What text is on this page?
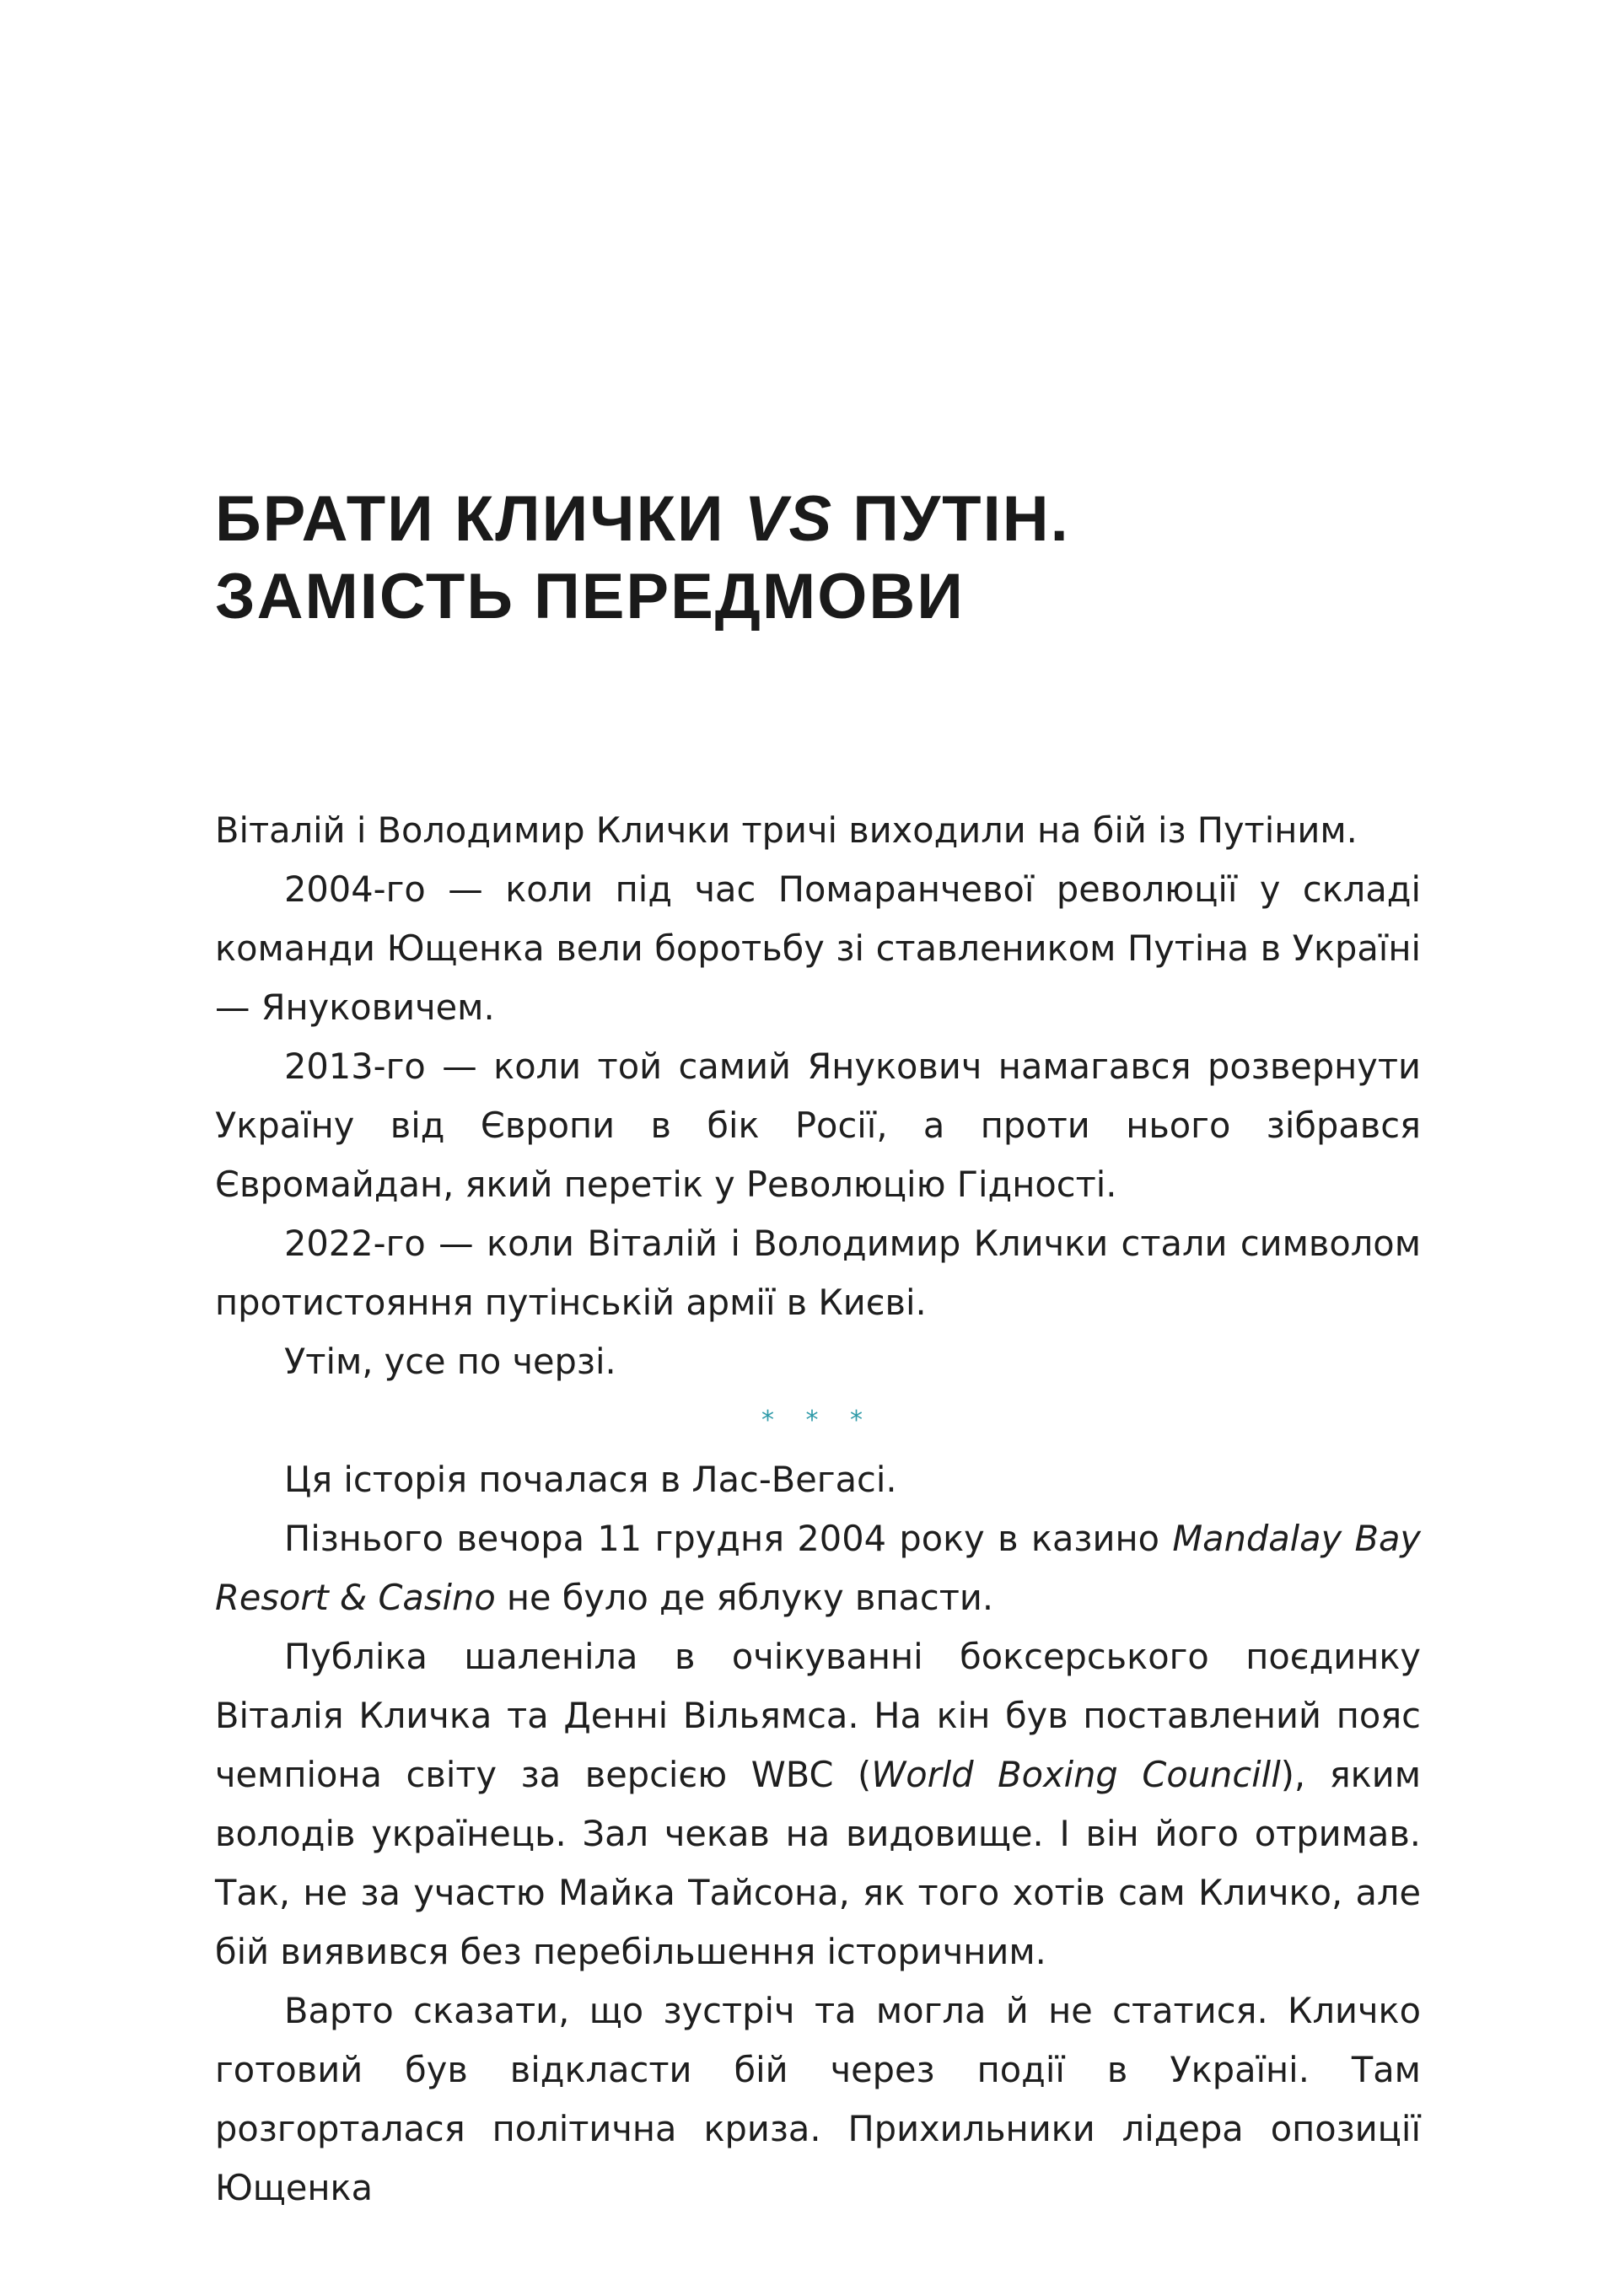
БРАТИ КЛИЧКИ VS ПУТІН.
ЗАМІСТЬ ПЕРЕДМОВИ

Віталій і Володимир Клички тричі виходили на бій із Путіним.

2004-го — коли під час Помаранчевої революції у складі команди Ющенка вели боротьбу зі ставлеником Путіна в Україні — Януковичем.

2013-го — коли той самий Янукович намагався розвернути Україну від Європи в бік Росії, а проти нього зібрався Євромайдан, який перетік у Революцію Гідності.

2022-го — коли Віталій і Володимир Клички стали символом протистояння путінській армії в Києві.

Утім, усе по черзі.

* * *

Ця історія почалася в Лас-Вегасі.

Пізнього вечора 11 грудня 2004 року в казино Mandalay Bay Resort & Casino не було де яблуку впасти.

Публіка шаленіла в очікуванні боксерського поєдинку Віталія Кличка та Денні Вільямса. На кін був поставлений пояс чемпіона світу за версією WBC (World Boxing Councill), яким володів українець. Зал чекав на видовище. І він його отримав. Так, не за участю Майка Тайсона, як того хотів сам Кличко, але бій виявився без перебільшення історичним.

Варто сказати, що зустріч та могла й не статися. Кличко готовий був відкласти бій через події в Україні. Там розгорталася політична криза. Прихильники лідера опозиції Ющенка
